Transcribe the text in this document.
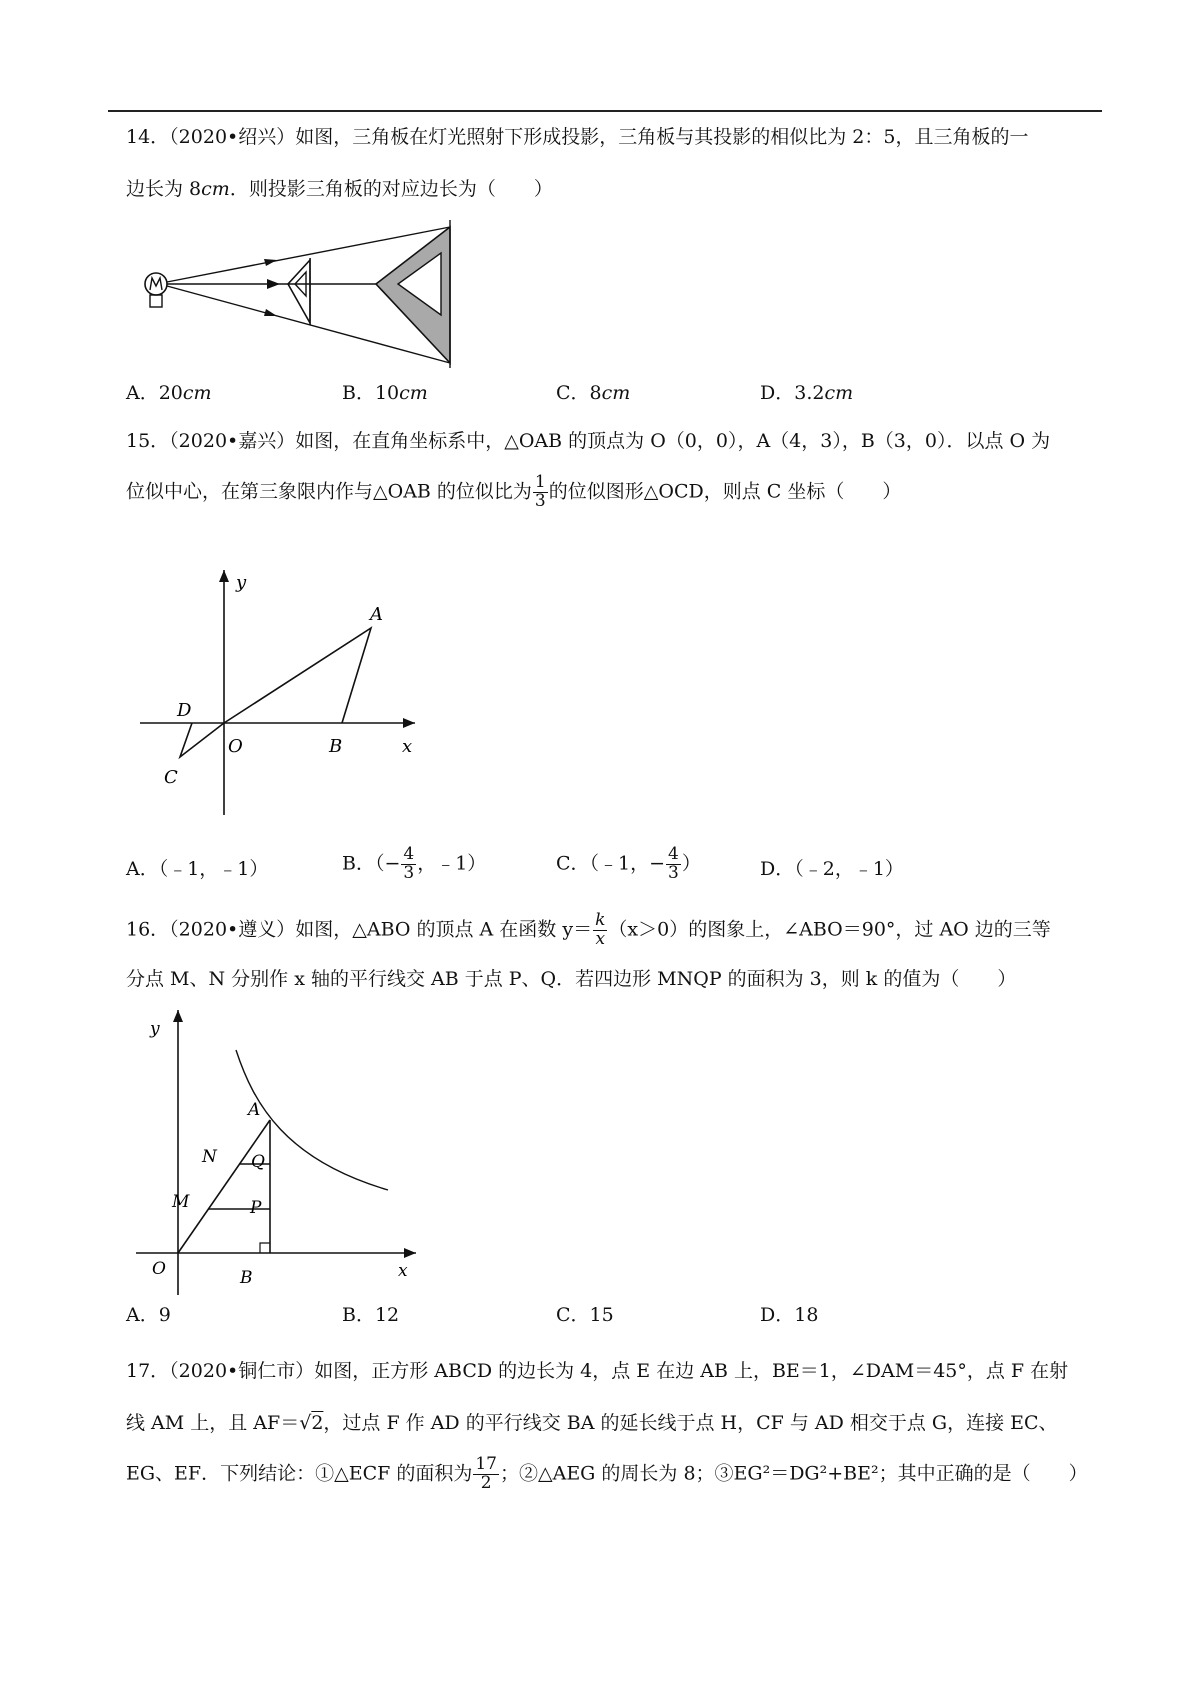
14．（2020•绍兴）如图，三角板在灯光照射下形成投影，三角板与其投影的相似比为 2：5，且三角板的一
边长为 8cm．则投影三角板的对应边长为（　　）
A．20cm	B．10cm	C．8cm	D．3.2cm
15．（2020•嘉兴）如图，在直角坐标系中，△OAB 的顶点为 O（0，0），A（4，3），B（3，0）．以点 O 为
位似中心，在第三象限内作与△OAB 的位似比为 $\frac{1}{3}$ 的位似图形△OCD，则点 C 坐标（　　）
y
A
D
O	B	x
C
A．（﹣1，﹣1）	B．（− $\frac{4}{3}$ ，﹣1）	C．（﹣1，− $\frac{4}{3}$ ）	D．（﹣2，﹣1）
16．（2020•遵义）如图，△ABO 的顶点 A 在函数 $y= \frac{k}{x} (x>0)$的图象上，∠ABO＝90°，过 AO 边的三等
分点 M、N 分别作 x 轴的平行线交 AB 于点 P、Q．若四边形 MNQP 的面积为 3，则 k 的值为（　　）
y
A
N Q
M	P
O	B	x
A．9	B．12	C．15	D．18
17．（2020•铜仁市）如图，正方形 ABCD 的边长为 4，点 E 在边 AB 上，BE＝1，∠DAM＝45°，点 F 在射
线 AM 上，且 AF＝√2，过点 F 作 AD 的平行线交 BA 的延长线于点 H，CF 与 AD 相交于点 G，连接 EC、
EG、EF．下列结论：①△ECF 的面积为 $\frac{17}{2}$ ；②△AEG 的周长为 8；③EG²＝DG²+BE²；其中正确的是（　　）
